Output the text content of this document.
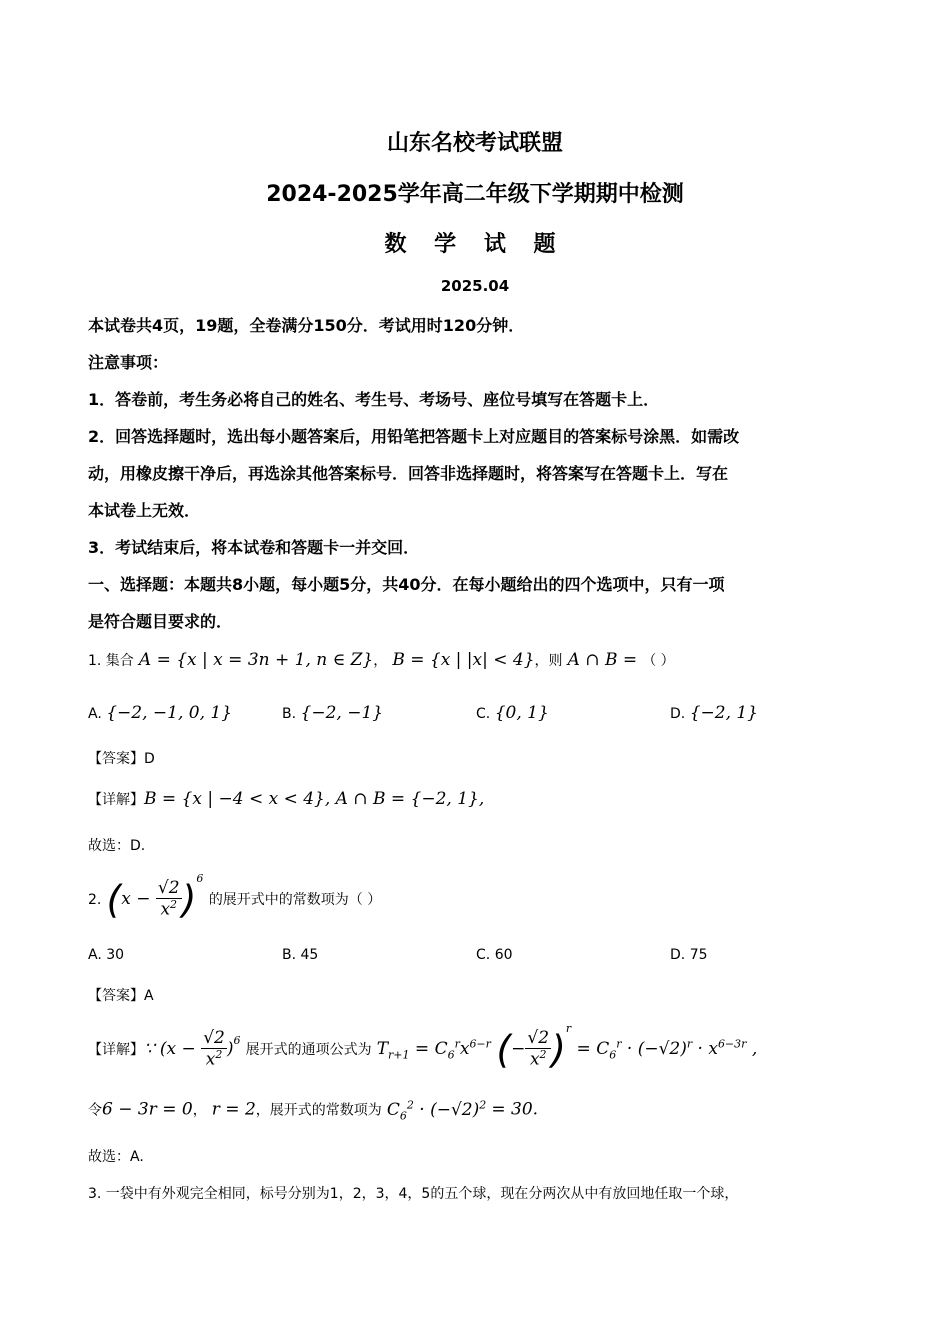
山东名校考试联盟
2024-2025学年高二年级下学期期中检测
数 学 试 题
2025.04
本试卷共4页，19题，全卷满分150分．考试用时120分钟．
注意事项：
1．答卷前，考生务必将自己的姓名、考生号、考场号、座位号填写在答题卡上．
2．回答选择题时，选出每小题答案后，用铅笔把答题卡上对应题目的答案标号涂黑．如需改
动，用橡皮擦干净后，再选涂其他答案标号．回答非选择题时，将答案写在答题卡上．写在
本试卷上无效．
3．考试结束后，将本试卷和答题卡一并交回．
一、选择题：本题共8小题，每小题5分，共40分．在每小题给出的四个选项中，只有一项
是符合题目要求的．
1. 集合 A = {x | x = 3n + 1, n ∈ Z}， B = {x | |x| < 4}，则 A ∩ B = （ ）
A. {−2, −1, 0, 1}	B. {−2, −1}	C. {0, 1}	D. {−2, 1}
【答案】D
【详解】B = {x | −4 < x < 4}, A ∩ B = {−2, 1},
故选：D.
2. $(x - \frac{√2}{x^2} )^6$ 的展开式中的常数项为（ ）
A. 30	B. 45	C. 60	D. 75
【答案】A
【详解】∵ $(x - \frac{√2}{x^2} )^6$ 展开式的通项公式为 $T_{r+1} = C_6^rx^{6-r}$ (− $\frac{√2}{x^2} )^r = C_6^r \cdot (-√2)^r \cdot x^{6-3r}$ ,
令6 − 3r = 0， r = 2，展开式的常数项为 $C_6^2 \cdot (-√2)^2 = 30$.
故选：A.
3. 一袋中有外观完全相同，标号分别为1，2，3，4，5的五个球，现在分两次从中有放回地任取一个球，
